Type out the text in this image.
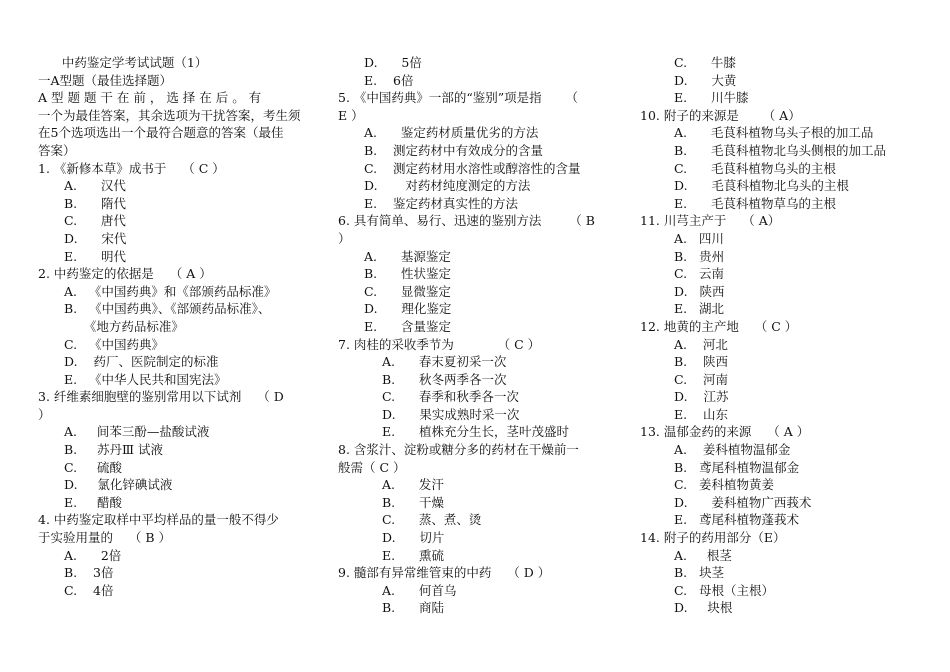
中药鉴定学考试试题（1）
一A型题（最佳选择题）
A 型 题 题 干 在 前 ， 选 择 在 后 。 有
一个为最佳答案，其余选项为干扰答案，考生须
在5个选项选出一个最符合题意的答案（最佳
答案）
1. 《新修本草》成书于    （ C ）
A.      汉代
B.      隋代
C.      唐代
D.      宋代
E.      明代
2. 中药鉴定的依据是    （ A ）
A.   《中国药典》和《部颁药品标准》
B.   《中国药典》、《部颁药品标准》、
《地方药品标准》
C.   《中国药典》
D.    药厂、医院制定的标准
E.   《中华人民共和国宪法》
3. 纤维素细胞壁的鉴别常用以下试剂    （ D
）
A.     间苯三酚—盐酸试液
B.     苏丹Ⅲ 试液
C.     硫酸
D.     氯化锌碘试液
E.     醋酸
4. 中药鉴定取样中平均样品的量一般不得少
于实验用量的    （ B ）
A.      2倍
B.    3倍
C.    4倍
D.      5倍
E.    6倍
5. 《中国药典》一部的“鉴别”项是指      （
E ）
A.      鉴定药材质量优劣的方法
B.    测定药材中有效成分的含量
C.    测定药材用水溶性或醇溶性的含量
D.       对药材纯度测定的方法
E.    鉴定药材真实性的方法
6. 具有简单、易行、迅速的鉴别方法       （ B
）
A.      基源鉴定
B.      性状鉴定
C.      显微鉴定
D.      理化鉴定
E.      含量鉴定
7. 肉桂的采收季节为           （ C ）
A.      春末夏初采一次
B.      秋冬两季各一次
C.      春季和秋季各一次
D.      果实成熟时采一次
E.      植株充分生长，茎叶茂盛时
8. 含浆汁、淀粉或糖分多的药材在干燥前一
般需（ C ）
A.      发汗
B.      干燥
C.      蒸、煮、烫
D.      切片
E.      熏硫
9. 髓部有异常维管束的中药    （ D ）
A.      何首乌
B.      商陆
C.      牛膝
D.      大黄
E.      川牛膝
10. 附子的来源是      （ A）
A.      毛茛科植物乌头子根的加工品
B.      毛茛科植物北乌头侧根的加工品
C.      毛茛科植物乌头的主根
D.      毛茛科植物北乌头的主根
E.      毛茛科植物草乌的主根
11. 川芎主产于    （ A）
A.   四川
B.   贵州
C.   云南
D.   陕西
E.   湖北
12. 地黄的主产地    （ C ）
A.    河北
B.    陕西
C.    河南
D.    江苏
E.    山东
13. 温郁金药的来源    （ A ）
A.    姜科植物温郁金
B.   鸢尾科植物温郁金
C.   姜科植物黄姜
D.      姜科植物广西莪术
E.   鸢尾科植物蓬莪术
14. 附子的药用部分（E）
A.     根茎
B.   块茎
C.   母根（主根）
D.     块根
